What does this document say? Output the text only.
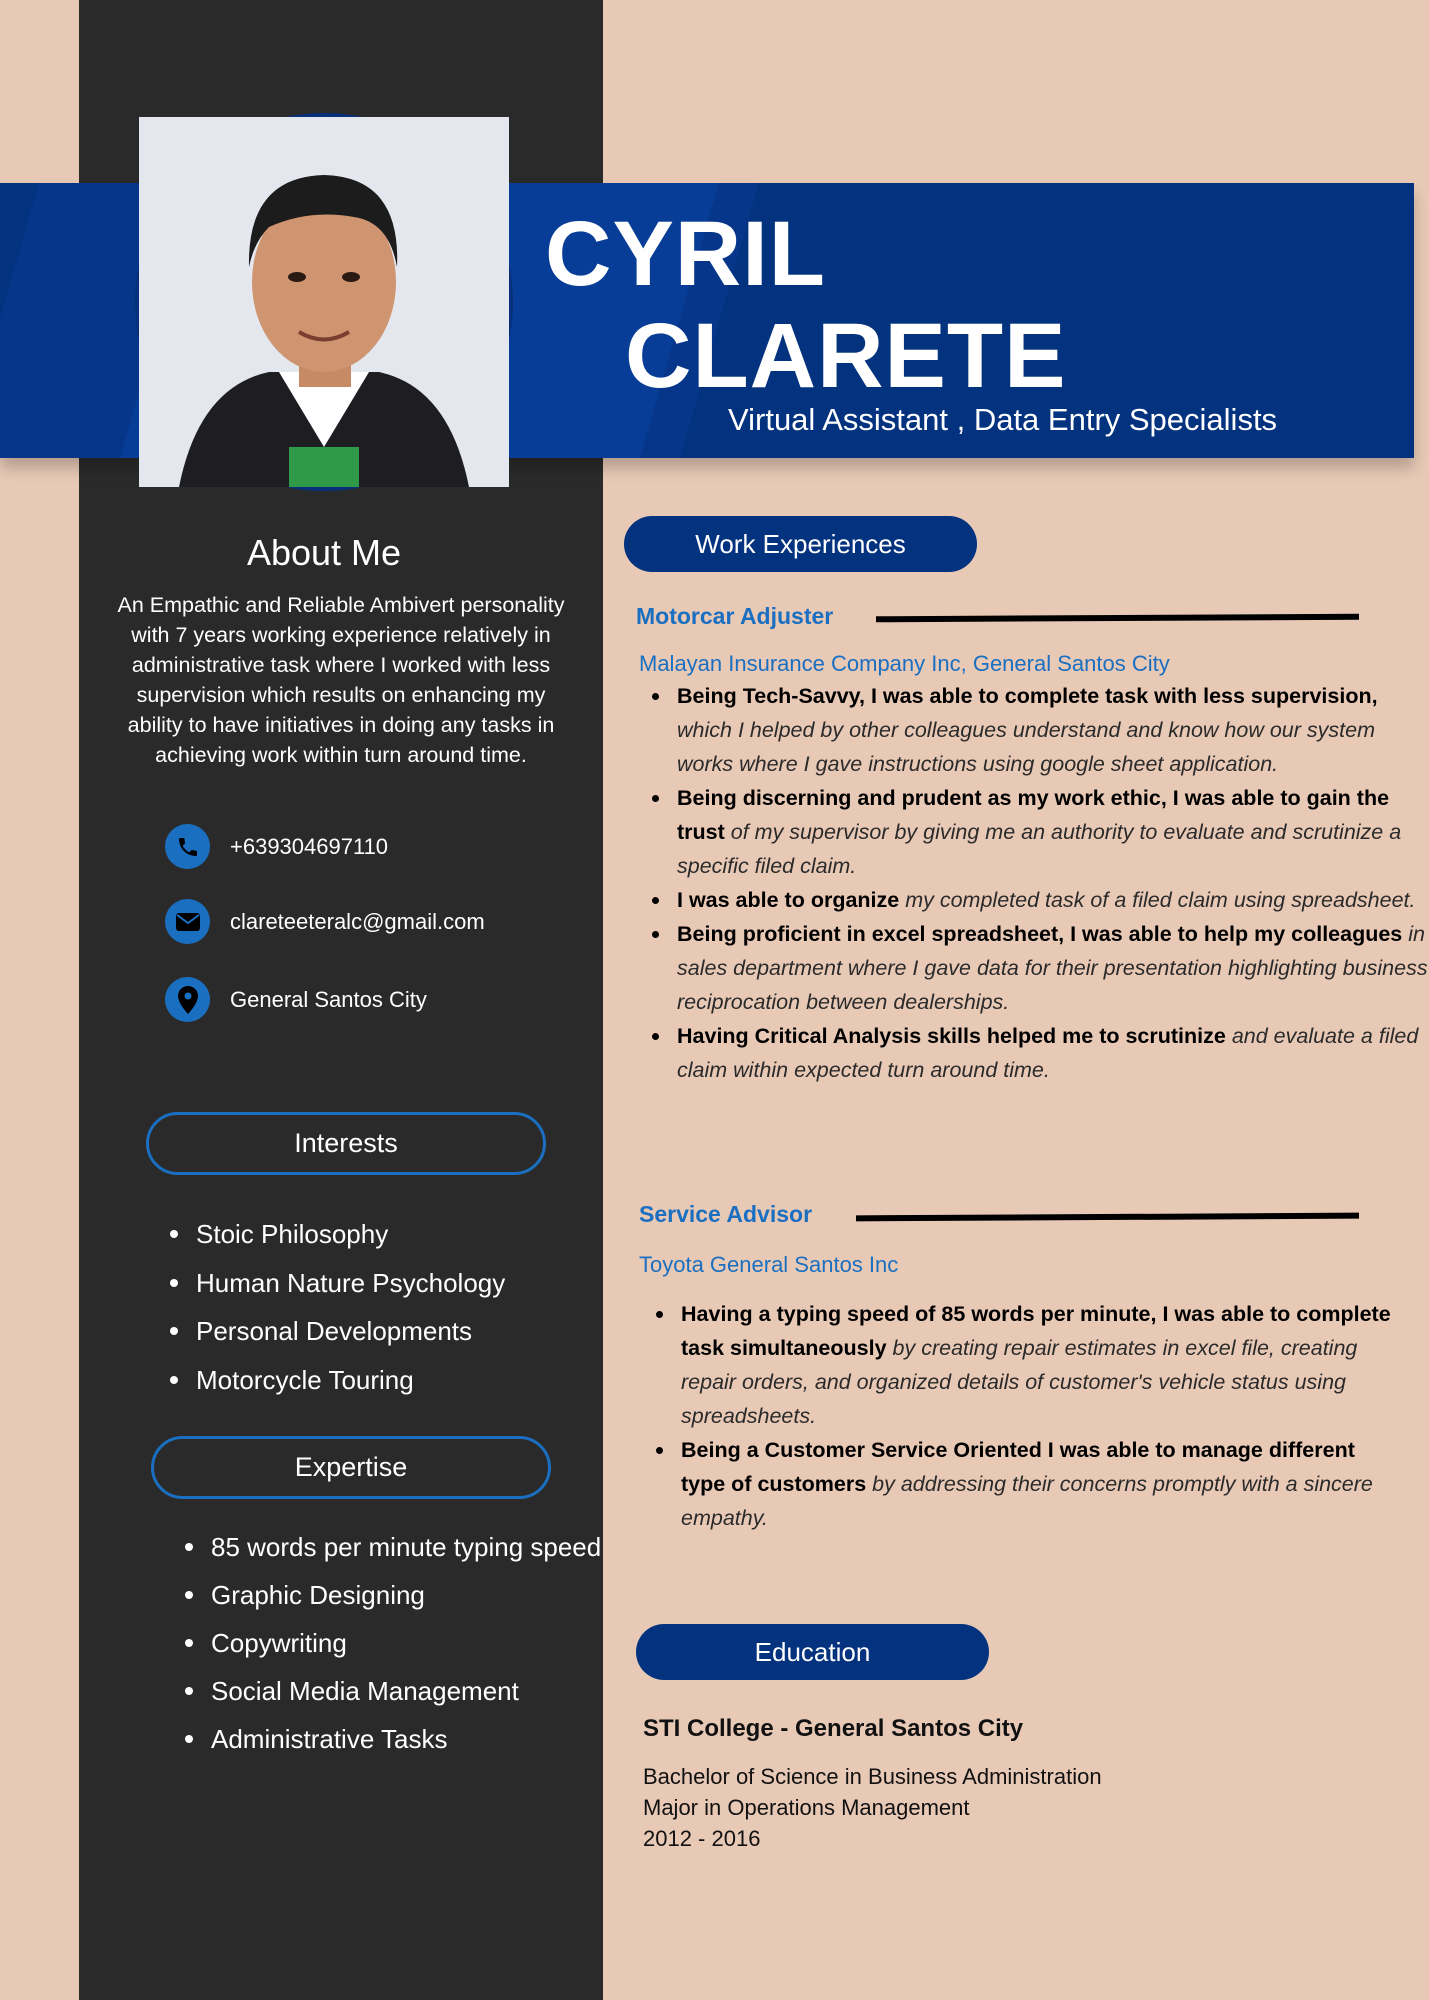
CYRIL
CLARETE
Virtual Assistant , Data Entry Specialists
About Me
An Empathic and Reliable Ambivert personality with 7 years working experience relatively in administrative task where I worked with less supervision which results on enhancing my ability to have initiatives in doing any tasks in achieving work within turn around time.
+639304697110
clareteeteralc@gmail.com
General Santos City
Interests
Stoic Philosophy
Human Nature Psychology
Personal Developments
Motorcycle Touring
Expertise
85 words per minute typing speed
Graphic Designing
Copywriting
Social Media Management
Administrative Tasks
Work Experiences
Motorcar Adjuster
Malayan Insurance Company Inc, General Santos City
Being Tech-Savvy, I was able to complete task with less supervision, which I helped by other colleagues understand and know how our system works where I gave instructions using google sheet application.
Being discerning and prudent as my work ethic, I was able to gain the trust of my supervisor by giving me an authority to evaluate and scrutinize a specific filed claim.
I was able to organize my completed task of a filed claim using spreadsheet.
Being proficient in excel spreadsheet, I was able to help my colleagues in sales department where I gave data for their presentation highlighting business reciprocation between dealerships.
Having Critical Analysis skills helped me to scrutinize and evaluate a filed claim within expected turn around time.
Service Advisor
Toyota General Santos Inc
Having a typing speed of 85 words per minute, I was able to complete task simultaneously by creating repair estimates in excel file, creating repair orders, and organized details of customer's vehicle status using spreadsheets.
Being a Customer Service Oriented I was able to manage different type of customers by addressing their concerns promptly with a sincere empathy.
Education
STI College - General Santos City
Bachelor of Science in Business Administration
Major in Operations Management
2012 - 2016
